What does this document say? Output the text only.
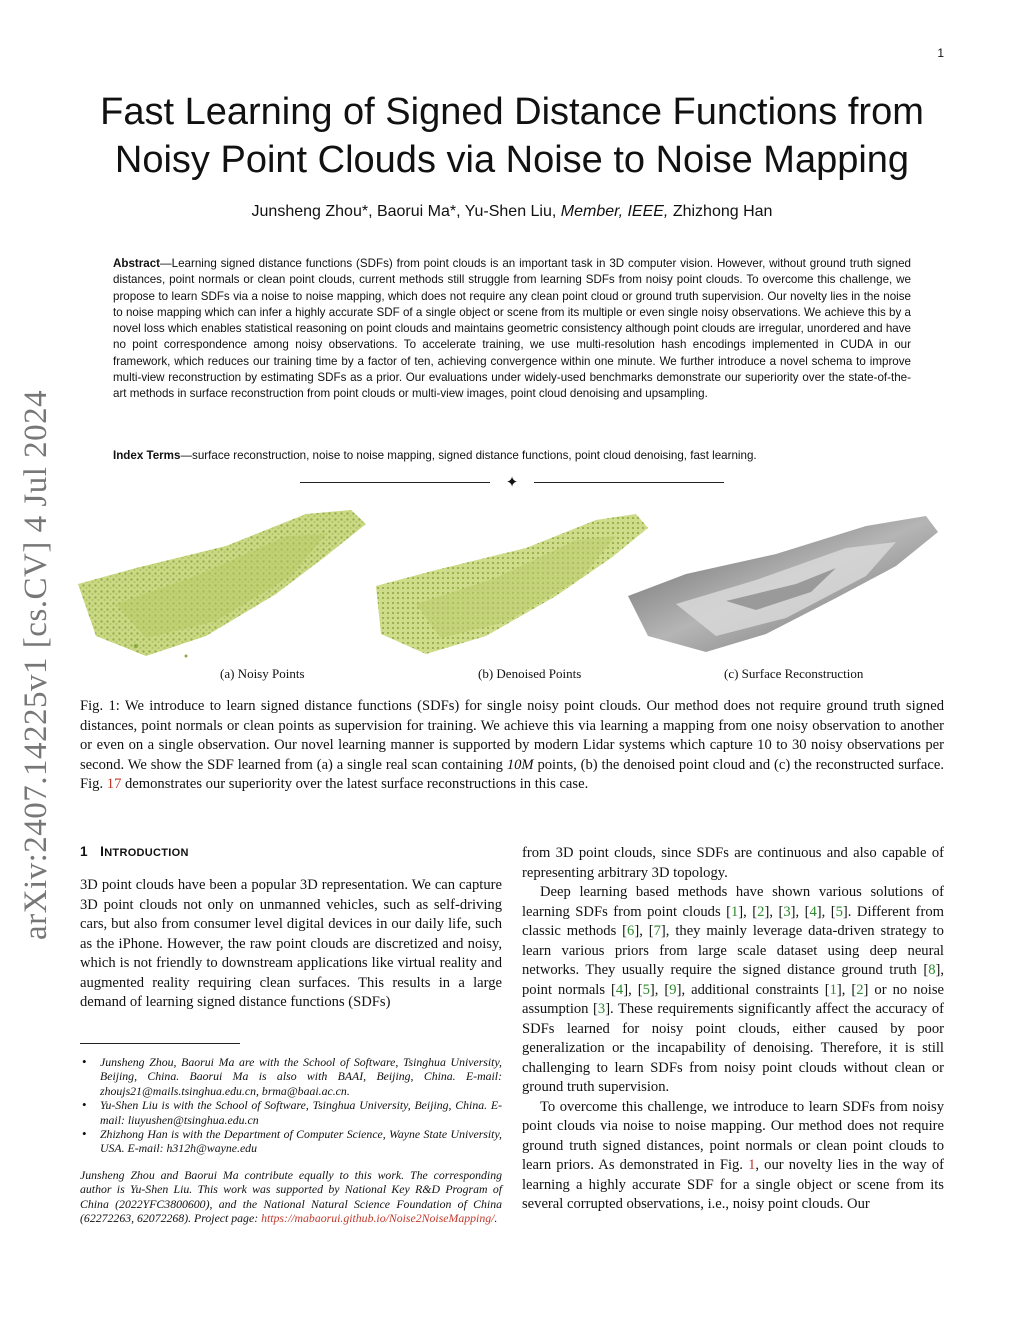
1
arXiv:2407.14225v1 [cs.CV] 4 Jul 2024
Fast Learning of Signed Distance Functions from
Noisy Point Clouds via Noise to Noise Mapping
Junsheng Zhou*, Baorui Ma*, Yu-Shen Liu, Member, IEEE, Zhizhong Han
Abstract—Learning signed distance functions (SDFs) from point clouds is an important task in 3D computer vision. However, without ground truth signed distances, point normals or clean point clouds, current methods still struggle from learning SDFs from noisy point clouds. To overcome this challenge, we propose to learn SDFs via a noise to noise mapping, which does not require any clean point cloud or ground truth supervision. Our novelty lies in the noise to noise mapping which can infer a highly accurate SDF of a single object or scene from its multiple or even single noisy observations. We achieve this by a novel loss which enables statistical reasoning on point clouds and maintains geometric consistency although point clouds are irregular, unordered and have no point correspondence among noisy observations. To accelerate training, we use multi-resolution hash encodings implemented in CUDA in our framework, which reduces our training time by a factor of ten, achieving convergence within one minute. We further introduce a novel schema to improve multi-view reconstruction by estimating SDFs as a prior. Our evaluations under widely-used benchmarks demonstrate our superiority over the state-of-the-art methods in surface reconstruction from point clouds or multi-view images, point cloud denoising and upsampling.
Index Terms—surface reconstruction, noise to noise mapping, signed distance functions, point cloud denoising, fast learning.
✦
(a) Noisy Points	(b) Denoised Points	(c) Surface Reconstruction
Fig. 1: We introduce to learn signed distance functions (SDFs) for single noisy point clouds. Our method does not require ground truth signed distances, point normals or clean points as supervision for training. We achieve this via learning a mapping from one noisy observation to another or even on a single observation. Our novel learning manner is supported by modern Lidar systems which capture 10 to 30 noisy observations per second. We show the SDF learned from (a) a single real scan containing 10M points, (b) the denoised point cloud and (c) the reconstructed surface. Fig. 17 demonstrates our superiority over the latest surface reconstructions in this case.
1 INTRODUCTION

3D point clouds have been a popular 3D representation. We can capture 3D point clouds not only on unmanned vehicles, such as self-driving cars, but also from consumer level digital devices in our daily life, such as the iPhone. However, the raw point clouds are discretized and noisy, which is not friendly to downstream applications like virtual reality and augmented reality requiring clean surfaces. This results in a large demand of learning signed distance functions (SDFs)

• Junsheng Zhou, Baorui Ma are with the School of Software, Tsinghua University, Beijing, China. Baorui Ma is also with BAAI, Beijing, China. E-mail: zhoujs21@mails.tsinghua.edu.cn, brma@baai.ac.cn.
• Yu-Shen Liu is with the School of Software, Tsinghua University, Beijing, China. E-mail: liuyushen@tsinghua.edu.cn
• Zhizhong Han is with the Department of Computer Science, Wayne State University, USA. E-mail: h312h@wayne.edu
Junsheng Zhou and Baorui Ma contribute equally to this work. The corresponding author is Yu-Shen Liu. This work was supported by National Key R&D Program of China (2022YFC3800600), and the National Natural Science Foundation of China (62272263, 62072268). Project page: https://mabaorui.github.io/Noise2NoiseMapping/.

from 3D point clouds, since SDFs are continuous and also capable of representing arbitrary 3D topology.

Deep learning based methods have shown various solutions of learning SDFs from point clouds [1], [2], [3], [4], [5]. Different from classic methods [6], [7], they mainly leverage data-driven strategy to learn various priors from large scale dataset using deep neural networks. They usually require the signed distance ground truth [8], point normals [4], [5], [9], additional constraints [1], [2] or no noise assumption [3]. These requirements significantly affect the accuracy of SDFs learned for noisy point clouds, either caused by poor generalization or the incapability of denoising. Therefore, it is still challenging to learn SDFs from noisy point clouds without clean or ground truth supervision.

To overcome this challenge, we introduce to learn SDFs from noisy point clouds via noise to noise mapping. Our method does not require ground truth signed distances, point normals or clean point clouds to learn priors. As demonstrated in Fig. 1, our novelty lies in the way of learning a highly accurate SDF for a single object or scene from its several corrupted observations, i.e., noisy point clouds. Our
